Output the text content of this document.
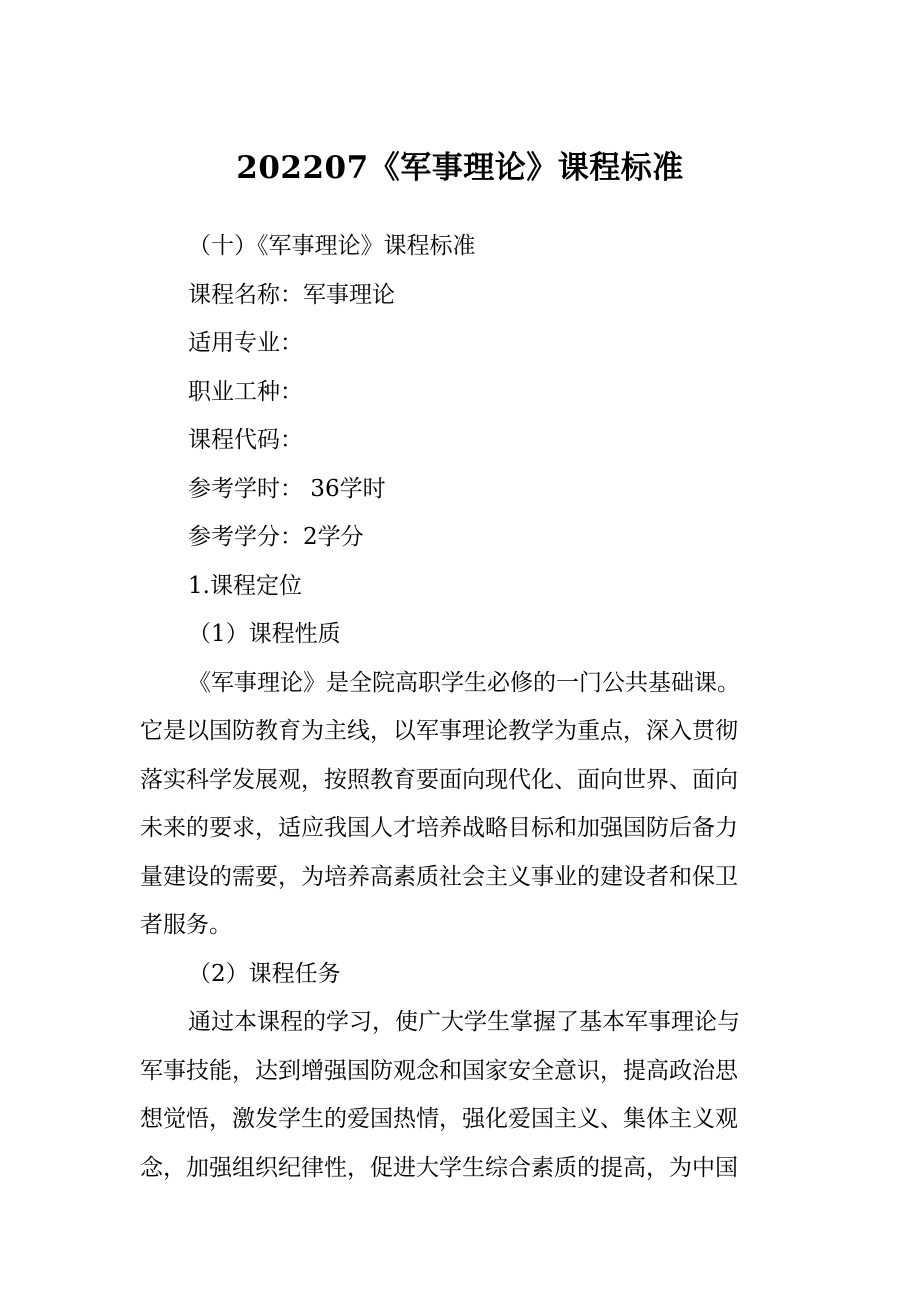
202207《军事理论》课程标准
（十）《军事理论》课程标准
课程名称：军事理论
适用专业：
职业工种：
课程代码：
参考学时： 36学时
参考学分：2学分
1.课程定位
（1）课程性质
《军事理论》是全院高职学生必修的一门公共基础课。
它是以国防教育为主线，以军事理论教学为重点，深入贯彻
落实科学发展观，按照教育要面向现代化、面向世界、面向
未来的要求，适应我国人才培养战略目标和加强国防后备力
量建设的需要，为培养高素质社会主义事业的建设者和保卫
者服务。
（2）课程任务
通过本课程的学习，使广大学生掌握了基本军事理论与
军事技能，达到增强国防观念和国家安全意识，提高政治思
想觉悟，激发学生的爱国热情，强化爱国主义、集体主义观
念，加强组织纪律性，促进大学生综合素质的提高，为中国
